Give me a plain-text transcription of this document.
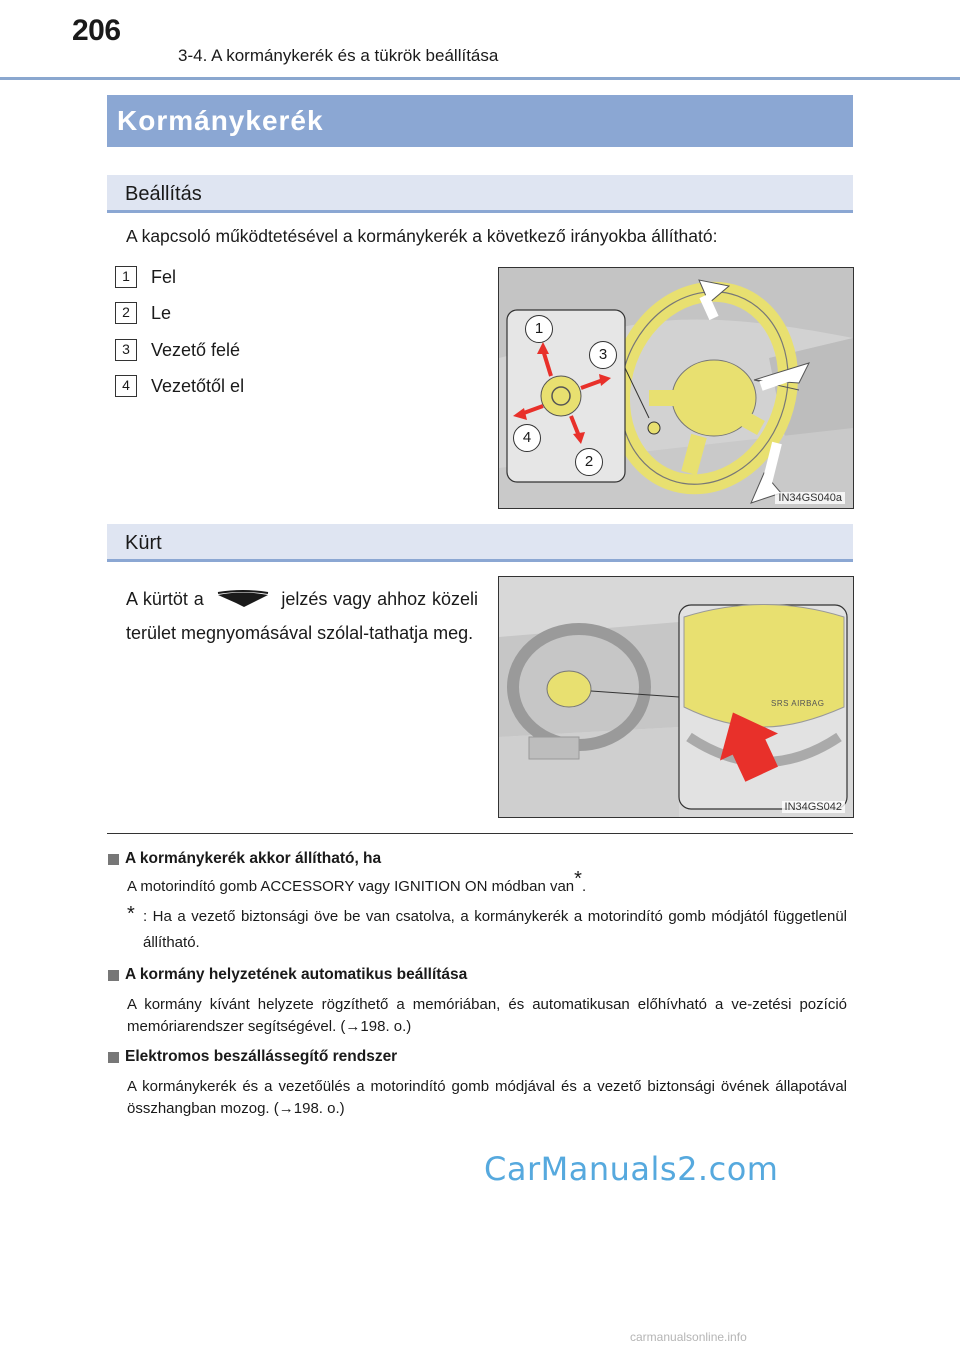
206
3-4. A kormánykerék és a tükrök beállítása
Kormánykerék
Beállítás
A kapcsoló működtetésével a kormánykerék a következő irányokba állítható:
1	Fel
2	Le
3	Vezető felé
4	Vezetőtől el
1
3
4
2
IN34GS040a
Kürt
A kürtöt a	jelzés vagy ahhoz közeli terület megnyomásával szólal-tathatja meg.
SRS AIRBAG
IN34GS042
A kormánykerék akkor állítható, ha
A motorindító gomb ACCESSORY vagy IGNITION ON módban van*.
* : Ha a vezető biztonsági öve be van csatolva, a kormánykerék a motorindító gomb módjától függetlenül állítható.
A kormány helyzetének automatikus beállítása
A kormány kívánt helyzete rögzíthető a memóriában, és automatikusan előhívható a ve-zetési pozíció memóriarendszer segítségével. (→198. o.)
Elektromos beszállássegítő rendszer
A kormánykerék és a vezetőülés a motorindító gomb módjával és a vezető biztonsági övének állapotával összhangban mozog. (→198. o.)
CarManuals2.com
carmanualsonline.info
